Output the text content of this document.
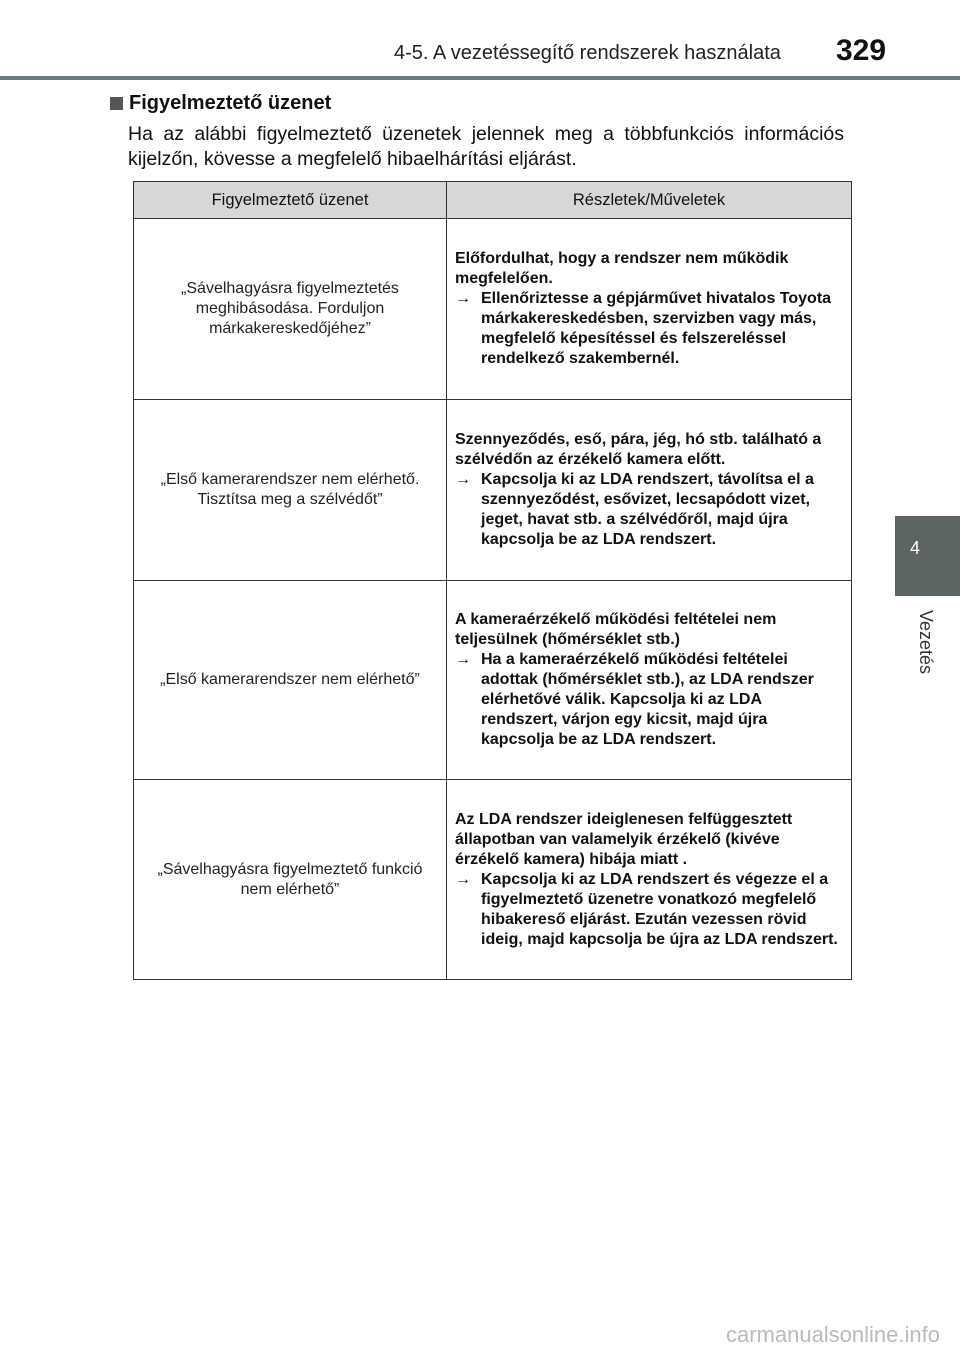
4-5. A vezetéssegítő rendszerek használata 329
4
Vezetés
Figyelmeztető üzenet
Ha az alábbi figyelmeztető üzenetek jelennek meg a többfunkciós információs kijelzőn, kövesse a megfelelő hibaelhárítási eljárást.
Figyelmeztető üzenet	Részletek/Műveletek
„Sávelhagyásra figyelmeztetés meghibásodása. Forduljon márkakereskedőjéhez”	Előfordulhat, hogy a rendszer nem működik megfelelően.
→ Ellenőriztesse a gépjárművet hivatalos Toyota márkakereskedésben, szervizben vagy más, megfelelő képesítéssel és felszereléssel rendelkező szakembernél.

„Első kamerarendszer nem elérhető. Tisztítsa meg a szélvédőt”	Szennyeződés, eső, pára, jég, hó stb. található a szélvédőn az érzékelő kamera előtt.
→ Kapcsolja ki az LDA rendszert, távolítsa el a szennyeződést, esővizet, lecsapódott vizet, jeget, havat stb. a szélvédőről, majd újra kapcsolja be az LDA rendszert.

„Első kamerarendszer nem elérhető”	A kameraérzékelő működési feltételei nem teljesülnek (hőmérséklet stb.)
→ Ha a kameraérzékelő működési feltételei adottak (hőmérséklet stb.), az LDA rendszer elérhetővé válik. Kapcsolja ki az LDA rendszert, várjon egy kicsit, majd újra kapcsolja be az LDA rendszert.

„Sávelhagyásra figyelmeztető funkció nem elérhető”	Az LDA rendszer ideiglenesen felfüggesztett állapotban van valamelyik érzékelő (kivéve érzékelő kamera) hibája miatt .
→ Kapcsolja ki az LDA rendszert és végezze el a figyelmeztető üzenetre vonatkozó megfelelő hibakereső eljárást. Ezután vezessen rövid ideig, majd kapcsolja be újra az LDA rendszert.
carmanualsonline.info
